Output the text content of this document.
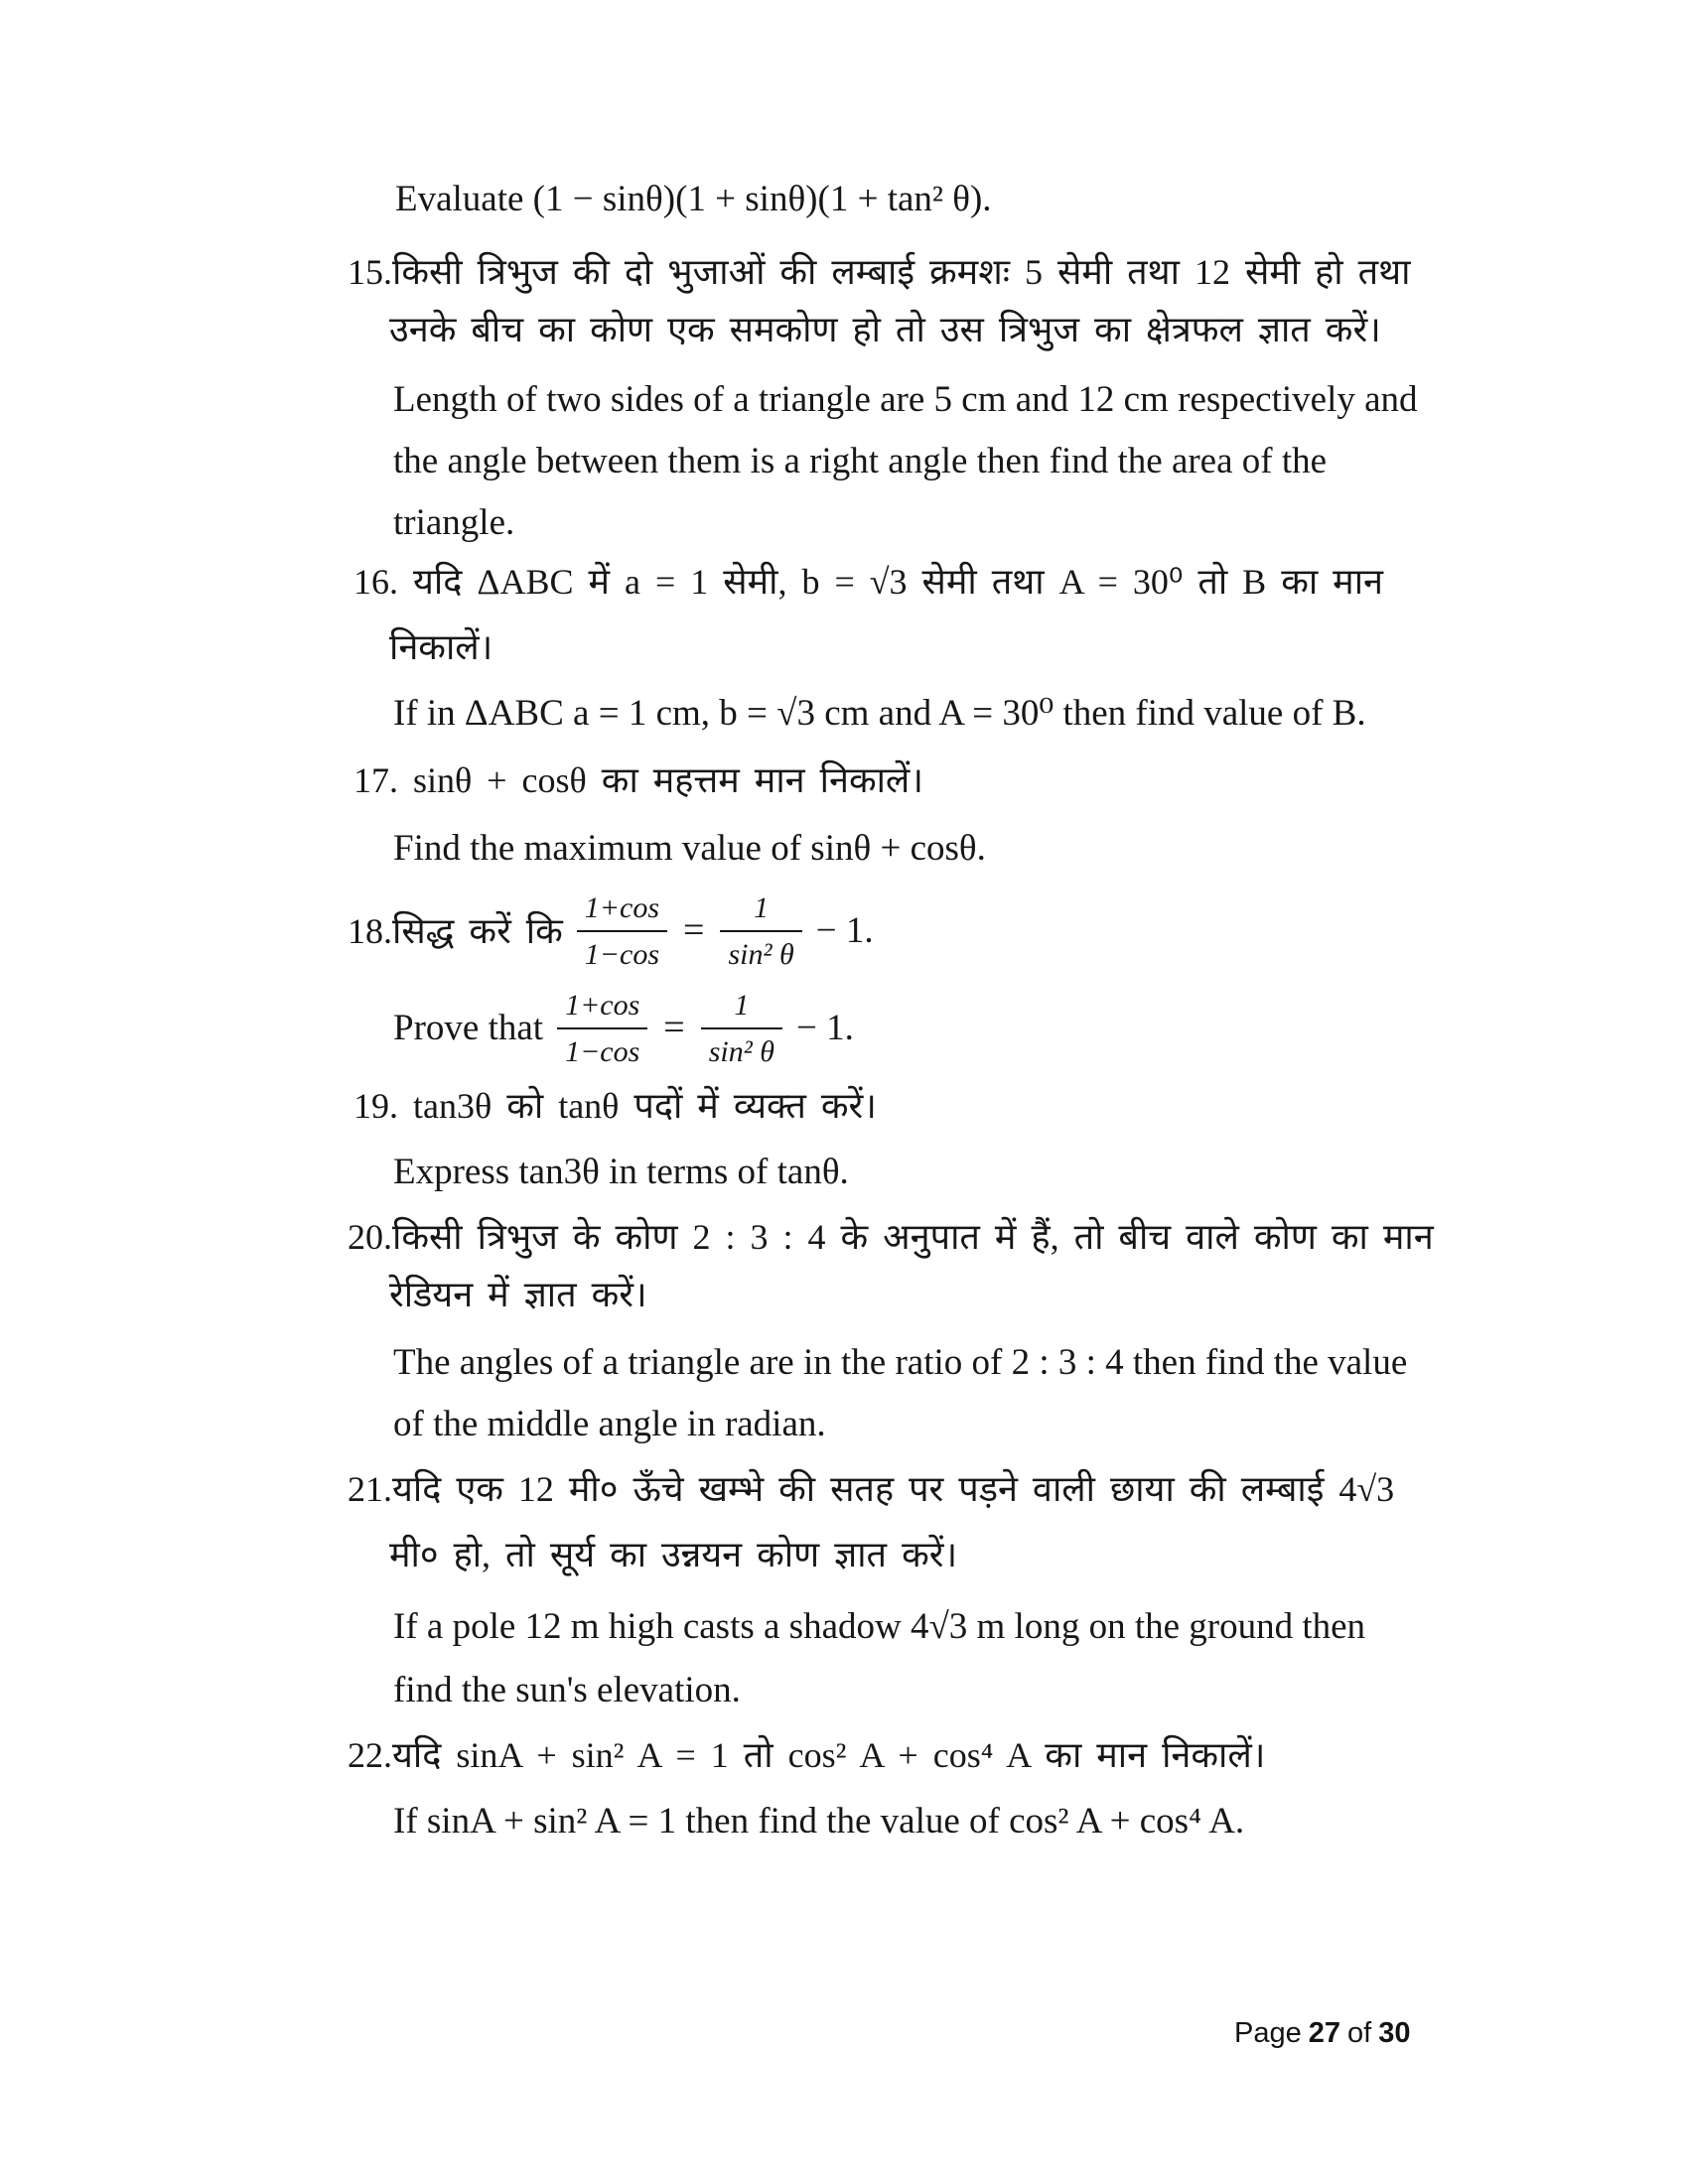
Evaluate (1 − sinθ)(1 + sinθ)(1 + tan² θ).
15.किसी त्रिभुज की दो भुजाओं की लम्बाई क्रमशः 5 सेमी तथा 12 सेमी हो तथा
उनके बीच का कोण एक समकोण हो तो उस त्रिभुज का क्षेत्रफल ज्ञात करें।
Length of two sides of a triangle are 5 cm and 12 cm respectively and
the angle between them is a right angle then find the area of the
triangle.
16. यदि ΔABC में a = 1 सेमी, b = √3 सेमी तथा A = 30⁰ तो B का मान
निकालें।
If in ΔABC a = 1 cm, b = √3 cm and A = 30⁰ then find value of B.
17. sinθ + cosθ का महत्तम मान निकालें।
Find the maximum value of sinθ + cosθ.
18.सिद्ध करें कि $\frac{1+\cos}{1-\cos} = \frac{1}{\text{sin² θ}} - 1$.
Prove that $\frac{1+\cos}{1-\cos} = \frac{1}{\text{sin² θ}} - 1$.
19. tan3θ को tanθ पदों में व्यक्त करें।
Express tan3θ in terms of tanθ.
20.किसी त्रिभुज के कोण 2 : 3 : 4 के अनुपात में हैं, तो बीच वाले कोण का मान
रेडियन में ज्ञात करें।
The angles of a triangle are in the ratio of 2 : 3 : 4 then find the value
of the middle angle in radian.
21.यदि एक 12 मी० ऊँचे खम्भे की सतह पर पड़ने वाली छाया की लम्बाई 4√3
मी० हो, तो सूर्य का उन्नयन कोण ज्ञात करें।
If a pole 12 m high casts a shadow 4√3 m long on the ground then
find the sun's elevation.
22.यदि sinA + sin² A = 1 तो cos² A + cos⁴ A का मान निकालें।
If sinA + sin² A = 1 then find the value of cos² A + cos⁴ A.
Page 27 of 30
